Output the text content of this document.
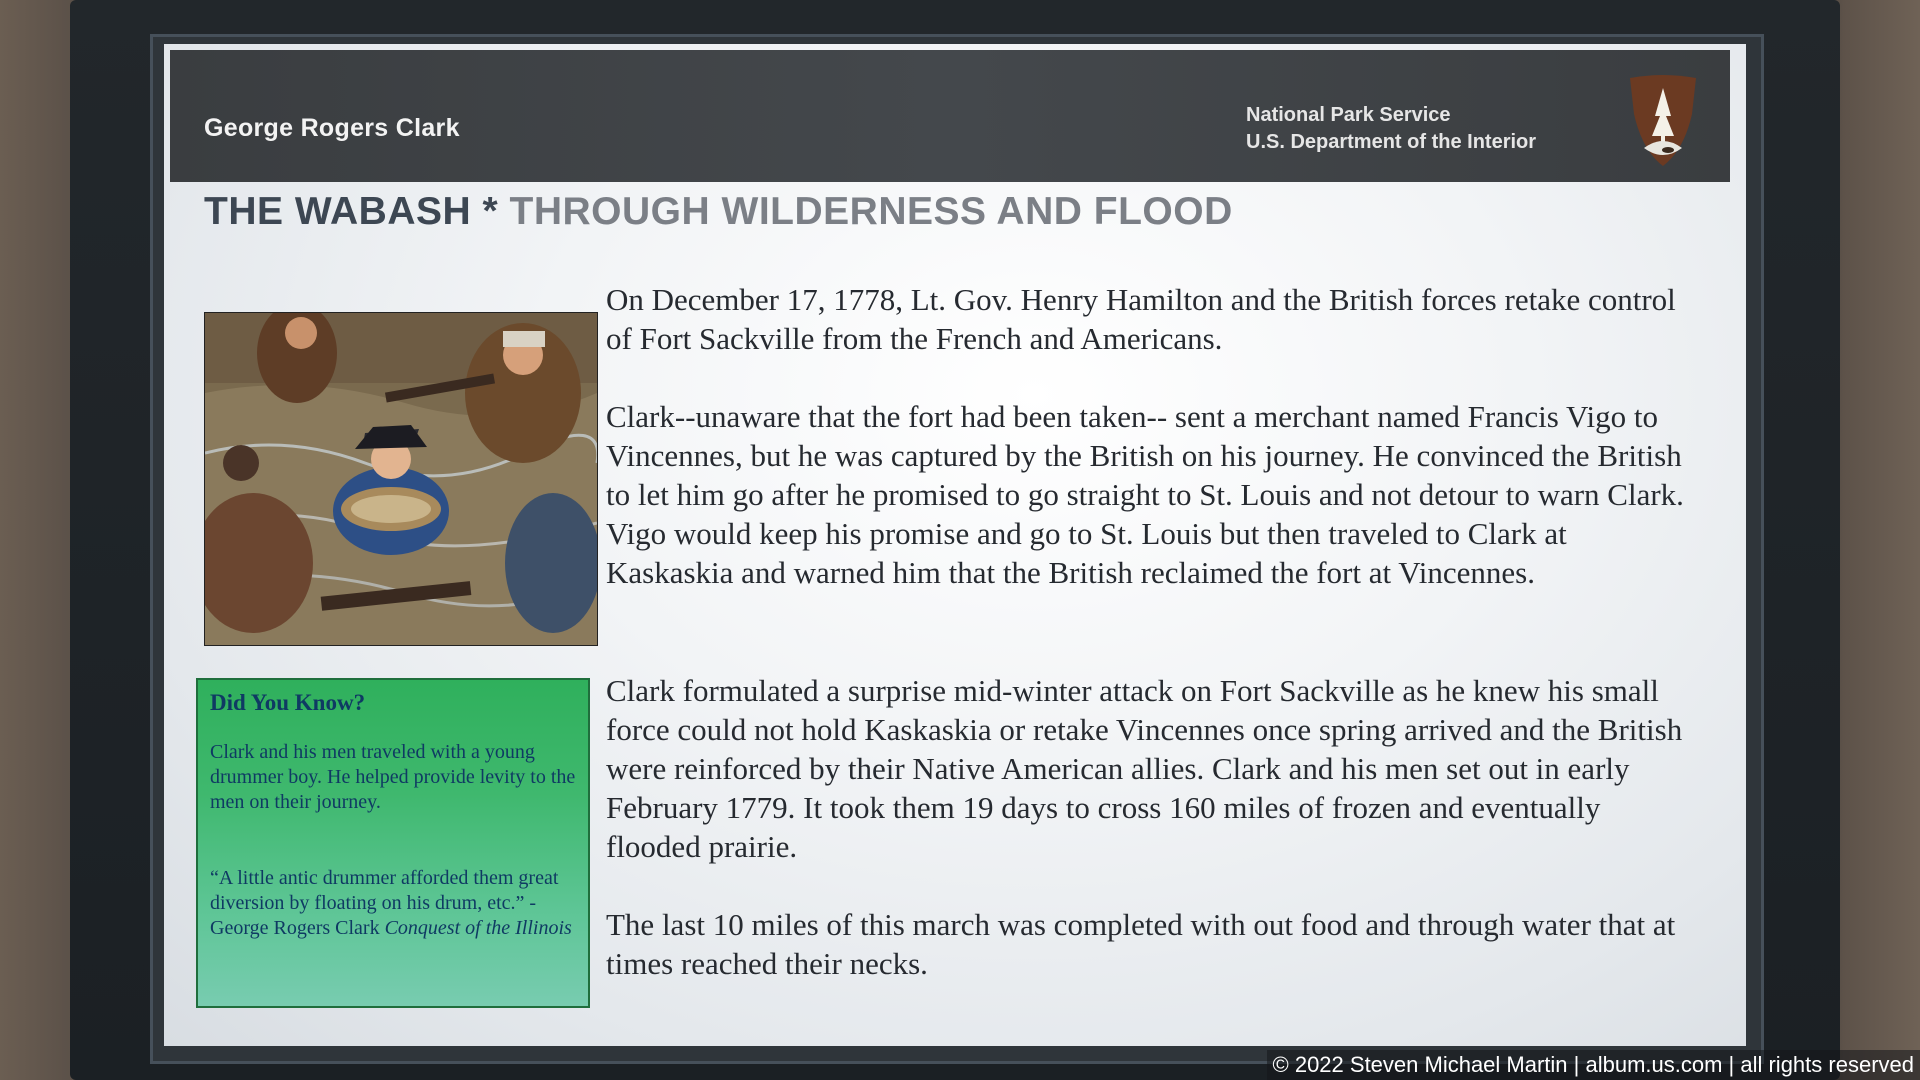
George Rogers Clark	National Park Service
U.S. Department of the Interior
THE WABASH * THROUGH WILDERNESS AND FLOOD
Did You Know?
Clark and his men traveled with a young drummer boy. He helped provide levity to the men on their journey.
“A little antic drummer afforded them great diversion by floating on his drum, etc.” - George Rogers Clark Conquest of the Illinois
On December 17, 1778, Lt. Gov. Henry Hamilton and the British forces retake control of Fort Sackville from the French and Americans.
Clark--unaware that the fort had been taken-- sent a merchant named Francis Vigo to Vincennes, but he was captured by the British on his journey. He convinced the British to let him go after he promised to go straight to St. Louis and not detour to warn Clark. Vigo would keep his promise and go to St. Louis but then traveled to Clark at Kaskaskia and warned him that the British reclaimed the fort at Vincennes.
Clark formulated a surprise mid-winter attack on Fort Sackville as he knew his small force could not hold Kaskaskia or retake Vincennes once spring arrived and the British were reinforced by their Native American allies. Clark and his men set out in early February 1779. It took them 19 days to cross 160 miles of frozen and eventually flooded prairie.
The last 10 miles of this march was completed with out food and through water that at times reached their necks.
© 2022 Steven Michael Martin | album.us.com | all rights reserved
